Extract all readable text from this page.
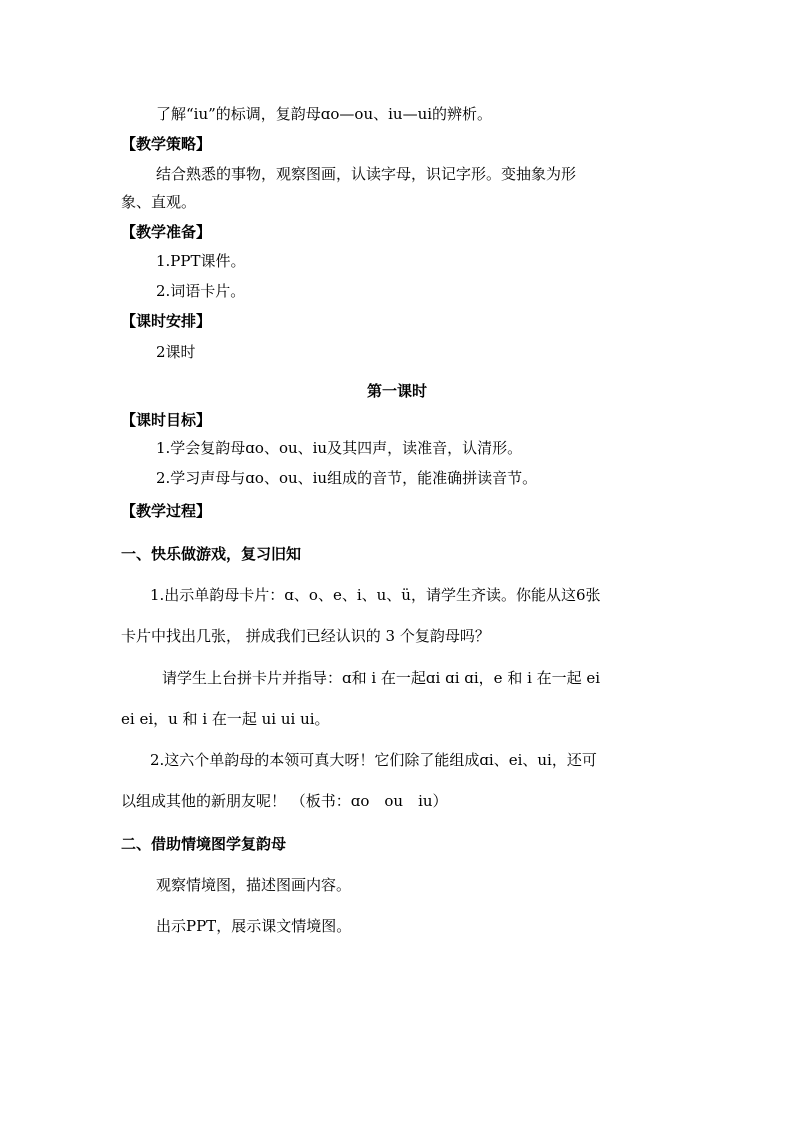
了解“iu”的标调，复韵母ɑo—ou、iu—ui的辨析。
【教学策略】
结合熟悉的事物，观察图画，认读字母，识记字形。变抽象为形
象、直观。
【教学准备】
1.PPT课件。
2.词语卡片。
【课时安排】
2课时
第一课时
【课时目标】
1.学会复韵母ɑo、ou、iu及其四声，读准音，认清形。
2.学习声母与ɑo、ou、iu组成的音节，能准确拼读音节。
【教学过程】
一、快乐做游戏，复习旧知
1.出示单韵母卡片：ɑ、o、e、i、u、ü，请学生齐读。你能从这6张
卡片中找出几张， 拼成我们已经认识的 3 个复韵母吗？
请学生上台拼卡片并指导：ɑ和 i 在一起ɑi ɑi ɑi，e 和 i 在一起 ei
ei ei，u 和 i 在一起 ui ui ui。
2.这六个单韵母的本领可真大呀！它们除了能组成ɑi、ei、ui，还可
以组成其他的新朋友呢！ （板书：ɑo　ou　iu）
二、借助情境图学复韵母
观察情境图，描述图画内容。
出示PPT，展示课文情境图。
